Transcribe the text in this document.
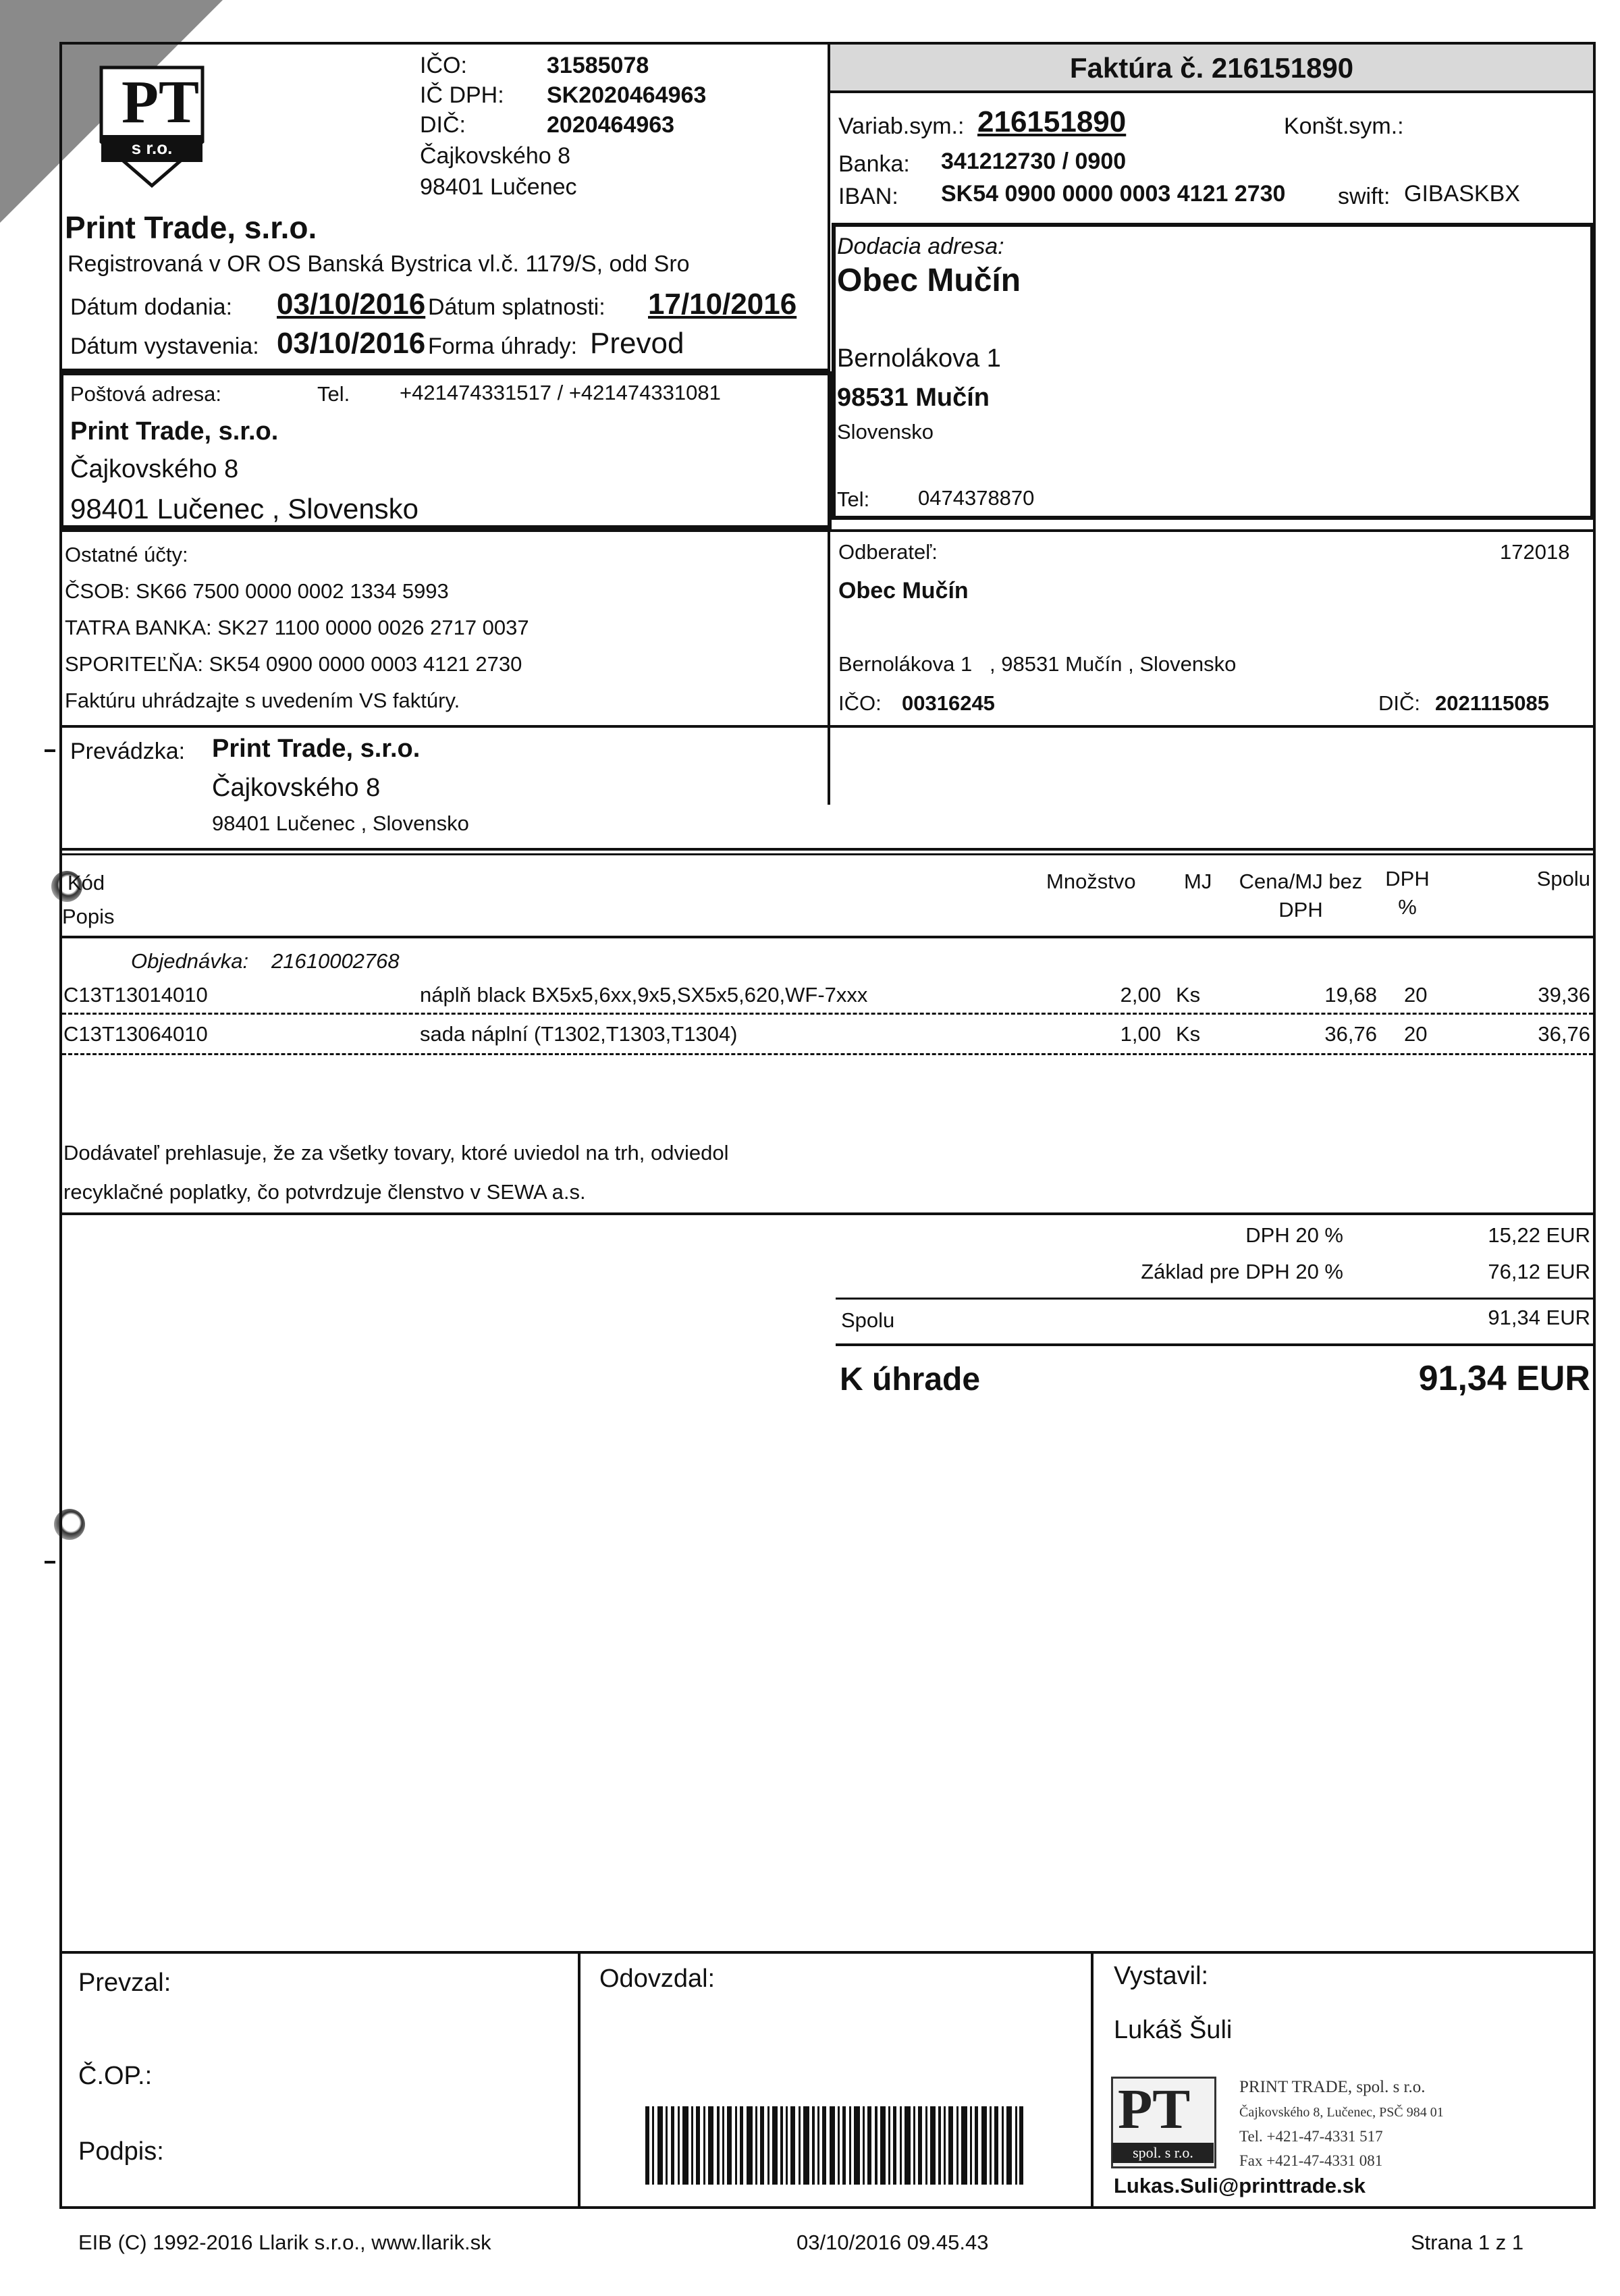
PT
s r.o.
IČO:	31585078
IČ DPH: SK2020464963
DIČ:	2020464963
Čajkovského 8
98401 Lučenec
Print Trade, s.r.o.
Registrovaná v OR OS Banská Bystrica vl.č. 1179/S, odd Sro
Dátum dodania: 03/10/2016 Dátum splatnosti: 17/10/2016
Dátum vystavenia: 03/10/2016 Forma úhrady: Prevod
Faktúra č. 216151890
Variab.sym.: 216151890	Konšt.sym.:
Banka: 341212730 / 0900
IBAN: SK54 0900 0000 0003 4121 2730 swift: GIBASKBX
Dodacia adresa:
Obec Mučín
Bernolákova 1
98531 Mučín
Slovensko
Tel: 0474378870
Poštová adresa:	Tel. +421474331517 / +421474331081
Print Trade, s.r.o.
Čajkovského 8
98401 Lučenec , Slovensko
Ostatné účty:
ČSOB: SK66 7500 0000 0002 1334 5993
TATRA BANKA: SK27 1100 0000 0026 2717 0037
SPORITEĽŇA: SK54 0900 0000 0003 4121 2730
Faktúru uhrádzajte s uvedením VS faktúry.
Odberateľ:	172018
Obec Mučín
Bernolákova 1   , 98531 Mučín , Slovensko
IČO: 00316245	DIČ: 2021115085
Prevádzka: Print Trade, s.r.o.
Čajkovského 8
98401 Lučenec , Slovensko
Kód
Popis
Množstvo MJ	Cena/MJ bez
DPH
DPH
%
Spolu
Objednávka: 21610002768
C13T13014010	náplň black BX5x5,6xx,9x5,SX5x5,620,WF-7xxx	2,00 Ks	19,68 20	39,36
C13T13064010	sada náplní (T1302,T1303,T1304)	1,00 Ks	36,76 20	36,76
Dodávateľ prehlasuje, že za všetky tovary, ktoré uviedol na trh, odviedol
recyklačné poplatky, čo potvrdzuje členstvo v SEWA a.s.
DPH 20 %	15,22 EUR
Základ pre DPH 20 %	76,12 EUR
Spolu	91,34 EUR
K úhrade	91,34 EUR
Prevzal:
Č.OP.:
Podpis:
Odovzdal:	Vystavil:
Lukáš Šuli
PT
spol. s r.o.
PRINT TRADE, spol. s r.o.
Čajkovského 8, Lučenec, PSČ 984 01
Tel. +421-47-4331 517
Fax +421-47-4331 081
Lukas.Suli@printtrade.sk
EIB (C) 1992-2016 Llarik s.r.o., www.llarik.sk	03/10/2016 09.45.43	Strana 1 z 1
